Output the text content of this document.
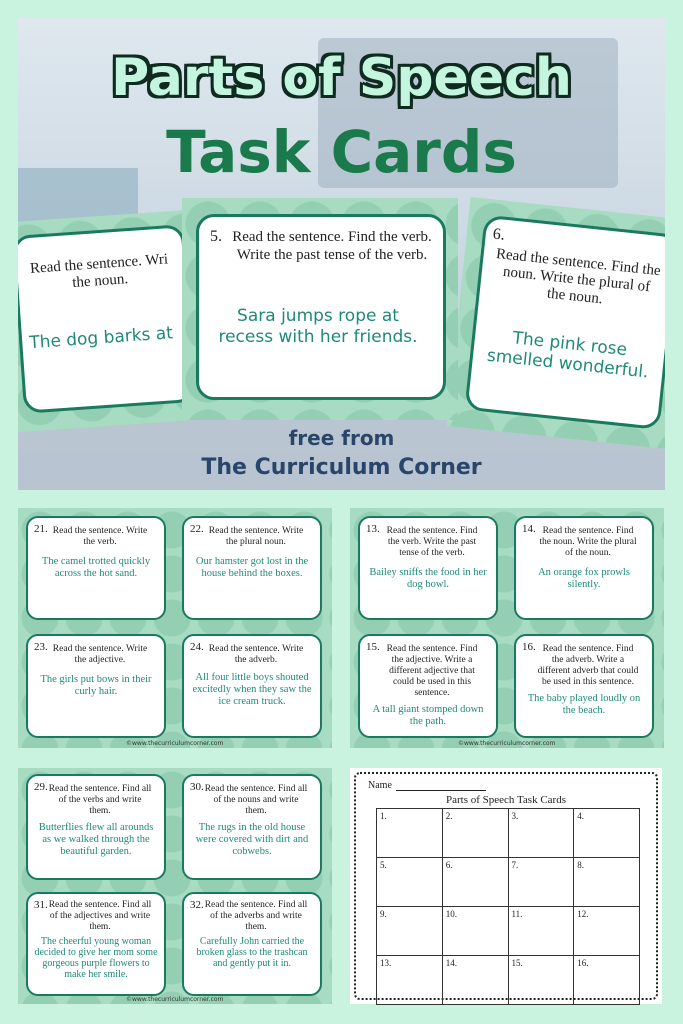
Parts of Speech
Task Cards
Read the sentence. Wri the noun.
The dog barks at
6.
Read the sentence. Find the noun. Write the plural of the noun.
The pink rose smelled wonderful.
5. Read the sentence. Find the verb. Write the past tense of the verb.
Sara jumps rope at recess with her friends.
free from
The Curriculum Corner
21. Read the sentence. Write the verb.
The camel trotted quickly across the hot sand.
22. Read the sentence. Write the plural noun.
Our hamster got lost in the house behind the boxes.
23. Read the sentence. Write the adjective.
The girls put bows in their curly hair.
24. Read the sentence. Write the adverb.
All four little boys shouted excitedly when they saw the ice cream truck.
©www.thecurriculumcorner.com
13. Read the sentence. Find the verb. Write the past tense of the verb.
Bailey sniffs the food in her dog bowl.
14. Read the sentence. Find the noun. Write the plural of the noun.
An orange fox prowls silently.
15. Read the sentence. Find the adjective. Write a different adjective that could be used in this sentence.
A tall giant stomped down the path.
16. Read the sentence. Find the adverb. Write a different adverb that could be used in this sentence.
The baby played loudly on the beach.
©www.thecurriculumcorner.com
29. Read the sentence. Find all of the verbs and write them.
Butterflies flew all arounds as we walked through the beautiful garden.
30. Read the sentence. Find all of the nouns and write them.
The rugs in the old house were covered with dirt and cobwebs.
31. Read the sentence. Find all of the adjectives and write them.
The cheerful young woman decided to give her mom some gorgeous purple flowers to make her smile.
32. Read the sentence. Find all of the adverbs and write them.
Carefully John carried the broken glass to the trashcan and gently put it in.
©www.thecurriculumcorner.com
Name
Parts of Speech Task Cards
1.	2.	3.	4.
5.	6.	7.	8.
9.	10.	11.	12.
13.	14.	15.	16.
